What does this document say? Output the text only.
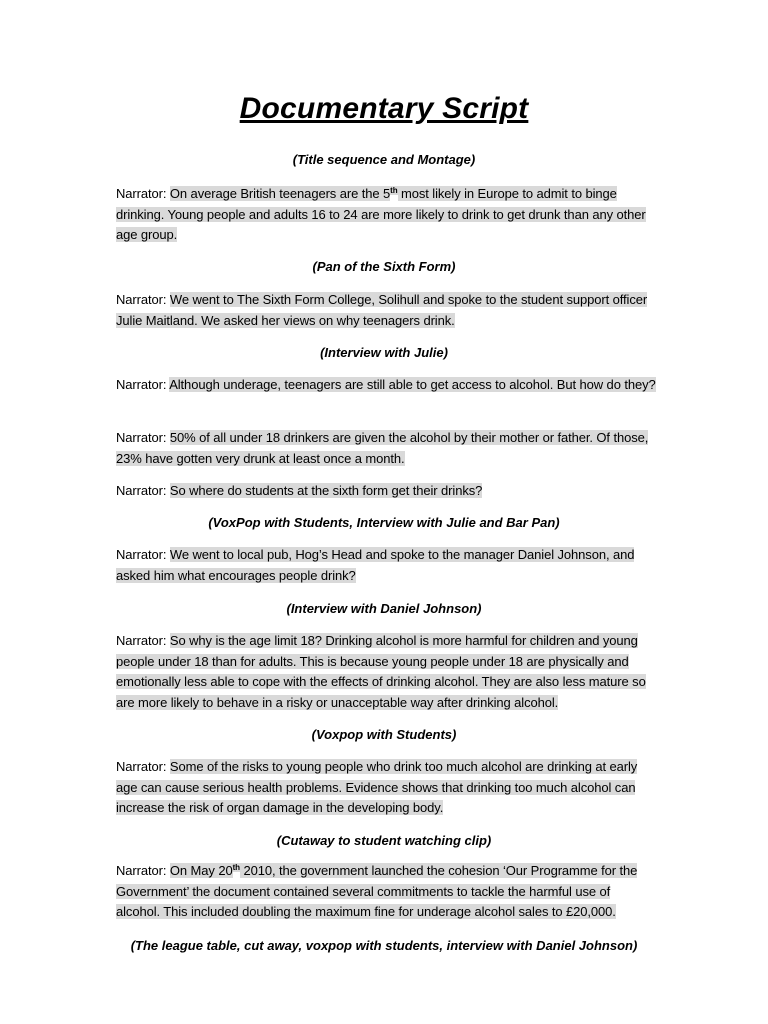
Documentary Script
(Title sequence and Montage)
Narrator: On average British teenagers are the 5th most likely in Europe to admit to binge drinking. Young people and adults 16 to 24 are more likely to drink to get drunk than any other age group.
(Pan of the Sixth Form)
Narrator: We went to The Sixth Form College, Solihull and spoke to the student support officer Julie Maitland. We asked her views on why teenagers drink.
(Interview with Julie)
Narrator: Although underage, teenagers are still able to get access to alcohol. But how do they?
Narrator: 50% of all under 18 drinkers are given the alcohol by their mother or father. Of those, 23% have gotten very drunk at least once a month.
Narrator: So where do students at the sixth form get their drinks?
(VoxPop with Students, Interview with Julie and Bar Pan)
Narrator: We went to local pub, Hog’s Head and spoke to the manager Daniel Johnson, and asked him what encourages people drink?
(Interview with Daniel Johnson)
Narrator: So why is the age limit 18? Drinking alcohol is more harmful for children and young people under 18 than for adults. This is because young people under 18 are physically and emotionally less able to cope with the effects of drinking alcohol. They are also less mature so are more likely to behave in a risky or unacceptable way after drinking alcohol.
(Voxpop with Students)
Narrator: Some of the risks to young people who drink too much alcohol are drinking at early age can cause serious health problems. Evidence shows that drinking too much alcohol can increase the risk of organ damage in the developing body.
(Cutaway to student watching clip)
Narrator: On May 20th 2010, the government launched the cohesion ‘Our Programme for the Government’ the document contained several commitments to tackle the harmful use of alcohol. This included doubling the maximum fine for underage alcohol sales to £20,000.
(The league table, cut away, voxpop with students, interview with Daniel Johnson)
